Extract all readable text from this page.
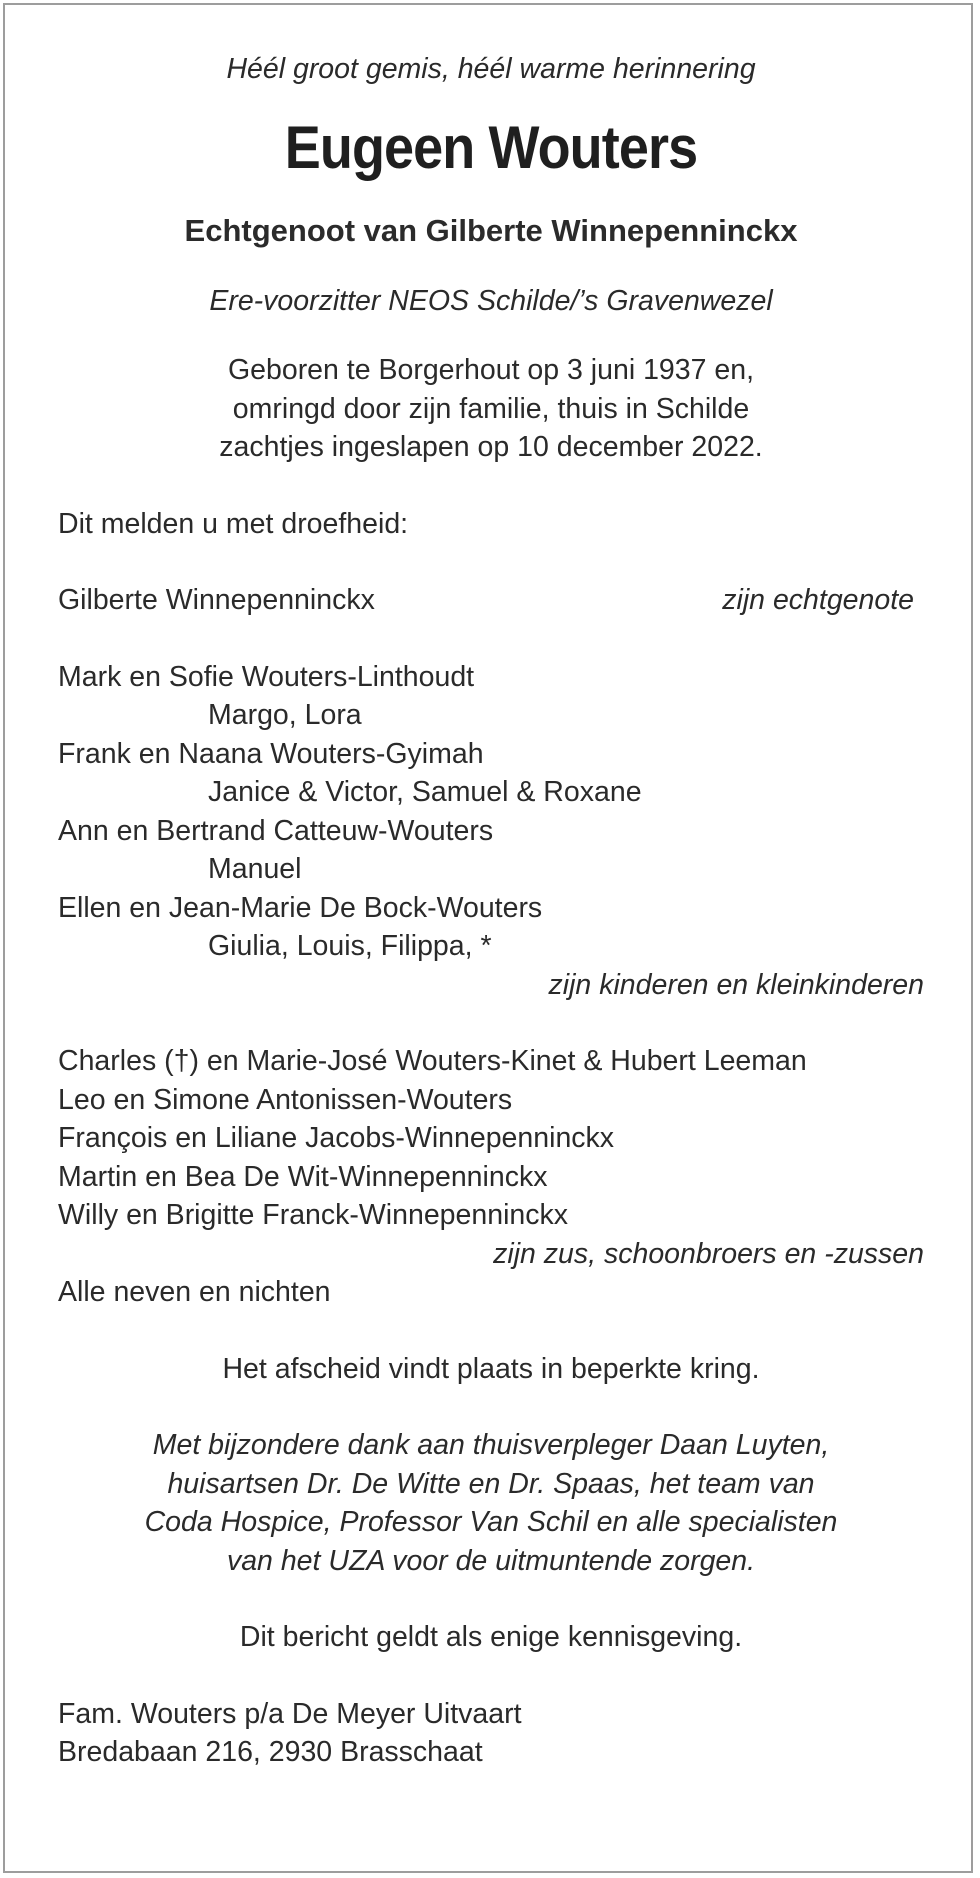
Héél groot gemis, héél warme herinnering
Eugeen Wouters
Echtgenoot van Gilberte Winnepenninckx
Ere-voorzitter NEOS Schilde/’s Gravenwezel
Geboren te Borgerhout op 3 juni 1937 en,
omringd door zijn familie, thuis in Schilde
zachtjes ingeslapen op 10 december 2022.
Dit melden u met droefheid:
Gilberte Winnepenninckx	zijn echtgenote
Mark en Sofie Wouters-Linthoudt
Margo, Lora
Frank en Naana Wouters-Gyimah
Janice & Victor, Samuel & Roxane
Ann en Bertrand Catteuw-Wouters
Manuel
Ellen en Jean-Marie De Bock-Wouters
Giulia, Louis, Filippa, *
zijn kinderen en kleinkinderen
Charles (†) en Marie-José Wouters-Kinet & Hubert Leeman
Leo en Simone Antonissen-Wouters
François en Liliane Jacobs-Winnepenninckx
Martin en Bea De Wit-Winnepenninckx
Willy en Brigitte Franck-Winnepenninckx
zijn zus, schoonbroers en -zussen
Alle neven en nichten
Het afscheid vindt plaats in beperkte kring.
Met bijzondere dank aan thuisverpleger Daan Luyten,
huisartsen Dr. De Witte en Dr. Spaas, het team van
Coda Hospice, Professor Van Schil en alle specialisten
van het UZA voor de uitmuntende zorgen.
Dit bericht geldt als enige kennisgeving.
Fam. Wouters p/a De Meyer Uitvaart
Bredabaan 216, 2930 Brasschaat
